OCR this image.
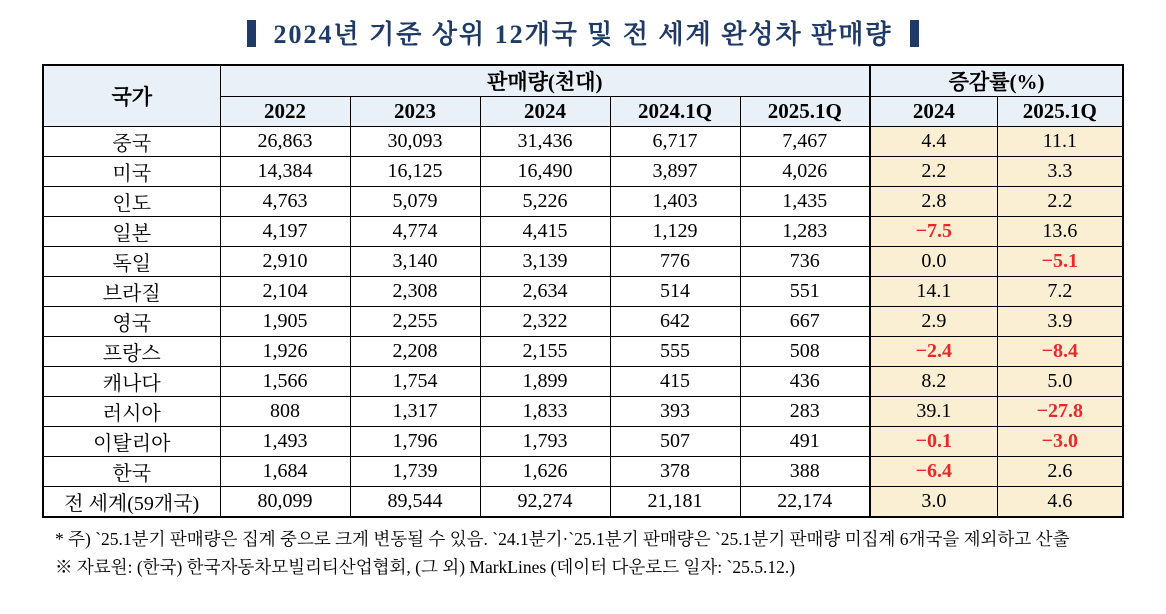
2024년 기준 상위 12개국 및 전 세계 완성차 판매량
국가	판매량(천대)					증감률(%)	
	2022	2023	2024	2024.1Q	2025.1Q	2024	2025.1Q
중국	26,863	30,093	31,436	6,717	7,467	4.4	11.1
미국	14,384	16,125	16,490	3,897	4,026	2.2	3.3
인도	4,763	5,079	5,226	1,403	1,435	2.8	2.2
일본	4,197	4,774	4,415	1,129	1,283	−7.5	13.6
독일	2,910	3,140	3,139	776	736	0.0	−5.1
브라질	2,104	2,308	2,634	514	551	14.1	7.2
영국	1,905	2,255	2,322	642	667	2.9	3.9
프랑스	1,926	2,208	2,155	555	508	−2.4	−8.4
캐나다	1,566	1,754	1,899	415	436	8.2	5.0
러시아	808	1,317	1,833	393	283	39.1	−27.8
이탈리아	1,493	1,796	1,793	507	491	−0.1	−3.0
한국	1,684	1,739	1,626	378	388	−6.4	2.6
전 세계(59개국)	80,099	89,544	92,274	21,181	22,174	3.0	4.6
* 주) `25.1분기 판매량은 집계 중으로 크게 변동될 수 있음. `24.1분기·`25.1분기 판매량은 `25.1분기 판매량 미집계 6개국을 제외하고 산출
※ 자료원: (한국) 한국자동차모빌리티산업협회, (그 외) MarkLines (데이터 다운로드 일자: `25.5.12.)
